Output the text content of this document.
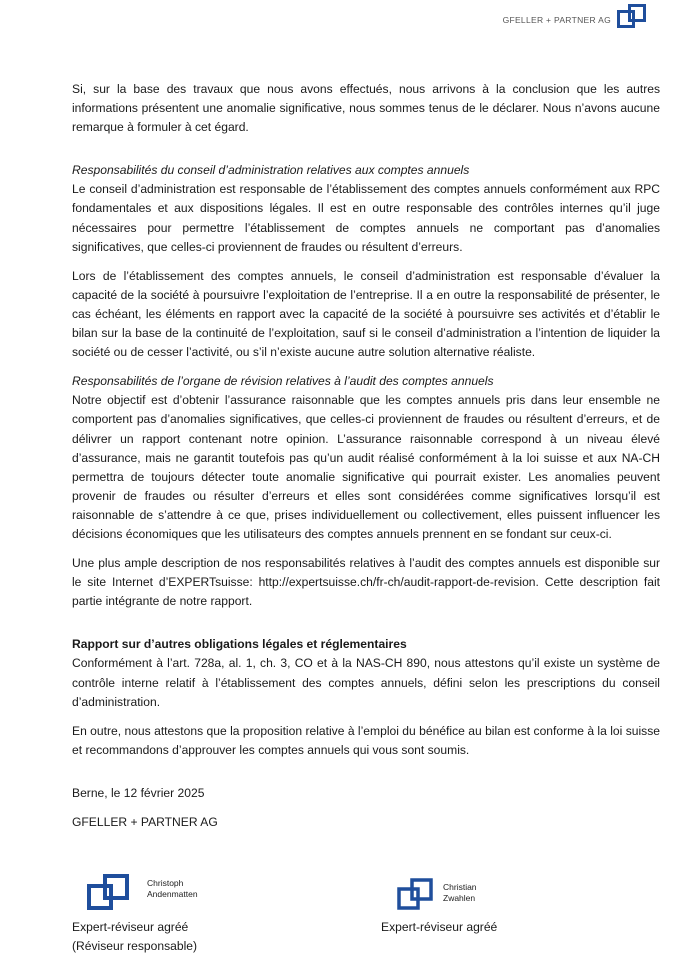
GFELLER + PARTNER AG

Si, sur la base des travaux que nous avons effectués, nous arrivons à la conclusion que les autres informations présentent une anomalie significative, nous sommes tenus de le déclarer. Nous n’avons aucune remarque à formuler à cet égard.

Responsabilités du conseil d’administration relatives aux comptes annuels

Le conseil d’administration est responsable de l’établissement des comptes annuels conformément aux RPC fondamentales et aux dispositions légales. Il est en outre responsable des contrôles internes qu’il juge nécessaires pour permettre l’établissement de comptes annuels ne comportant pas d’anomalies significatives, que celles-ci proviennent de fraudes ou résultent d’erreurs.

Lors de l’établissement des comptes annuels, le conseil d’administration est responsable d’évaluer la capacité de la société à poursuivre l’exploitation de l’entreprise. Il a en outre la responsabilité de présenter, le cas échéant, les éléments en rapport avec la capacité de la société à poursuivre ses activités et d’établir le bilan sur la base de la continuité de l’exploitation, sauf si le conseil d’administration a l’intention de liquider la société ou de cesser l’activité, ou s’il n’existe aucune autre solution alternative réaliste.

Responsabilités de l’organe de révision relatives à l’audit des comptes annuels

Notre objectif est d’obtenir l’assurance raisonnable que les comptes annuels pris dans leur ensemble ne comportent pas d’anomalies significatives, que celles-ci proviennent de fraudes ou résultent d’erreurs, et de délivrer un rapport contenant notre opinion. L’assurance raisonnable correspond à un niveau élevé d’assurance, mais ne garantit toutefois pas qu’un audit réalisé conformément à la loi suisse et aux NA-CH permettra de toujours détecter toute anomalie significative qui pourrait exister. Les anomalies peuvent provenir de fraudes ou résulter d’erreurs et elles sont considérées comme significatives lorsqu’il est raisonnable de s’attendre à ce que, prises individuellement ou collectivement, elles puissent influencer les décisions économiques que les utilisateurs des comptes annuels prennent en se fondant sur ceux-ci.

Une plus ample description de nos responsabilités relatives à l’audit des comptes annuels est disponible sur le site Internet d’EXPERTsuisse: http://expertsuisse.ch/fr-ch/audit-rapport-de-revision. Cette description fait partie intégrante de notre rapport.

Rapport sur d’autres obligations légales et réglementaires

Conformément à l’art. 728a, al. 1, ch. 3, CO et à la NAS-CH 890, nous attestons qu’il existe un système de contrôle interne relatif à l’établissement des comptes annuels, défini selon les prescriptions du conseil d’administration.

En outre, nous attestons que la proposition relative à l’emploi du bénéfice au bilan est conforme à la loi suisse et recommandons d’approuver les comptes annuels qui vous sont soumis.

Berne, le 12 février 2025

GFELLER + PARTNER AG

Christoph
Andenmatten
Expert-réviseur agréé
(Réviseur responsable)
Christian
Zwahlen
Expert-réviseur agréé
